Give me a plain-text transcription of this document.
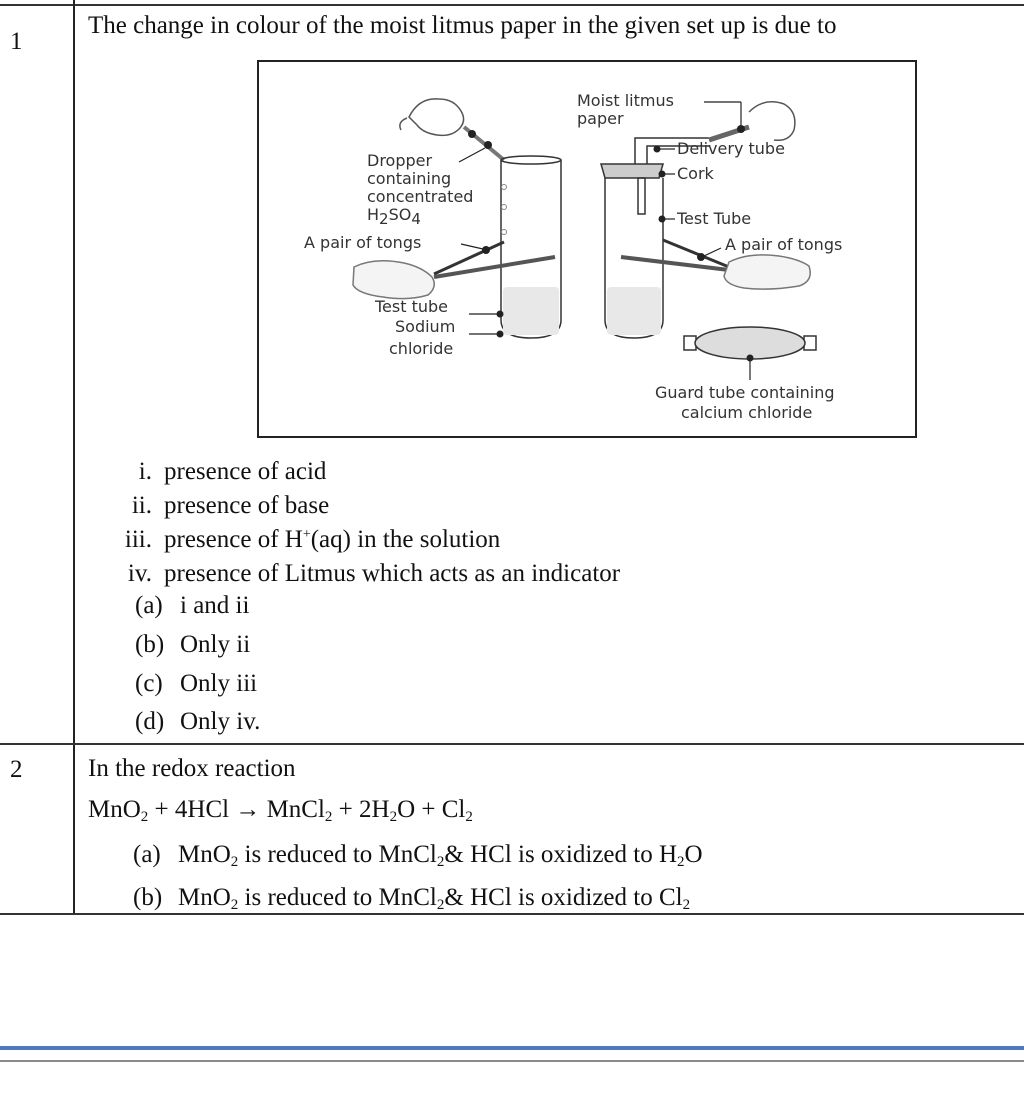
1
The change in colour of the moist litmus paper in the given set up is due to
Dropper
containing
concentrated
$H_2SO_4$
A pair of tongs
Test tube
Sodium
chloride
Moist litmus
paper
Delivery tube
Cork
Test Tube
A pair of tongs
Guard tube containing
calcium chloride
i. presence of acid
ii. presence of base
iii. presence of H+(aq) in the solution
iv. presence of Litmus which acts as an indicator
(a) i and ii
(b) Only ii
(c) Only iii
(d) Only iv.
2	In the redox reaction
MnO$_2$ + 4HCl → MnCl$_2$ + $2H_2O + Cl_2$
(a) MnO$_2$ is reduced to MnCl$_2$& HCl is oxidized to $H_2O$
(b) MnO$_2$ is reduced to MnCl$_2$& HCl is oxidized to $Cl_2$
